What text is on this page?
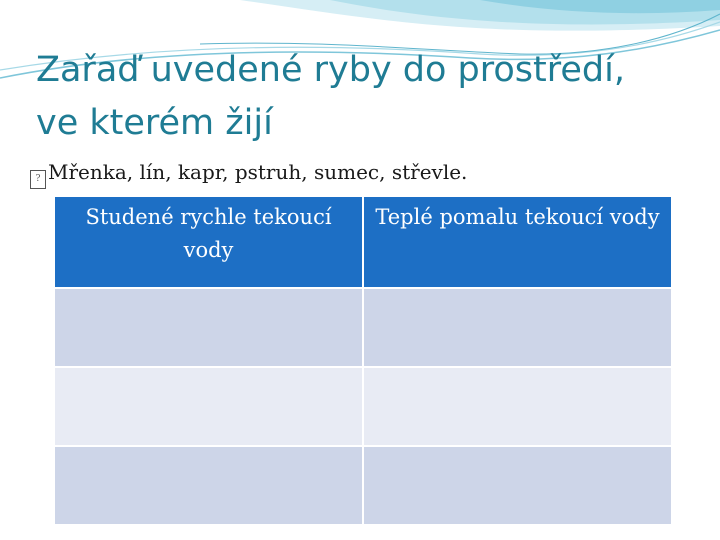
Zařaď uvedené ryby do prostředí,
ve kterém žijí
? Mřenka, lín, kapr, pstruh, sumec, střevle.
Studené rychle tekoucí vody	Teplé pomalu tekoucí vody
